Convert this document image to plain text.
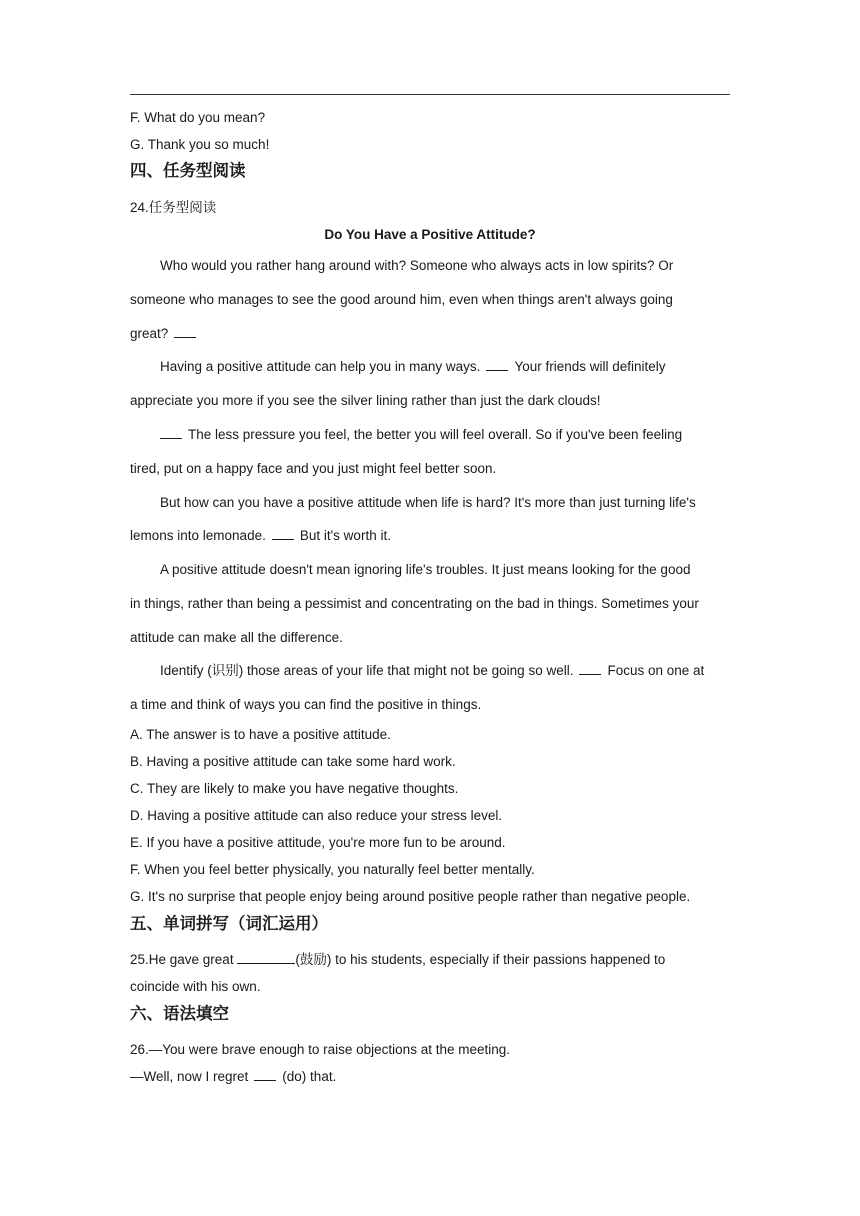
F. What do you mean?
G. Thank you so much!
四、任务型阅读
24.任务型阅读
Do You Have a Positive Attitude?
Who would you rather hang around with? Someone who always acts in low spirits? Or
someone who manages to see the good around him, even when things aren't always going
great?
Having a positive attitude can help you in many ways.	Your friends will definitely
appreciate you more if you see the silver lining rather than just the dark clouds!
The less pressure you feel, the better you will feel overall. So if you've been feeling
tired, put on a happy face and you just might feel better soon.
But how can you have a positive attitude when life is hard? It's more than just turning life's
lemons into lemonade.	But it's worth it.
A positive attitude doesn't mean ignoring life's troubles. It just means looking for the good
in things, rather than being a pessimist and concentrating on the bad in things. Sometimes your
attitude can make all the difference.
Identify (识别) those areas of your life that might not be going so well.	Focus on one at
a time and think of ways you can find the positive in things.
A. The answer is to have a positive attitude.
B. Having a positive attitude can take some hard work.
C. They are likely to make you have negative thoughts.
D. Having a positive attitude can also reduce your stress level.
E. If you have a positive attitude, you're more fun to be around.
F. When you feel better physically, you naturally feel better mentally.
G. It's no surprise that people enjoy being around positive people rather than negative people.
五、单词拼写（词汇运用）
25.He gave great	(鼓励) to his students, especially if their passions happened to
coincide with his own.
六、语法填空
26.—You were brave enough to raise objections at the meeting.
—Well, now I regret	(do) that.
